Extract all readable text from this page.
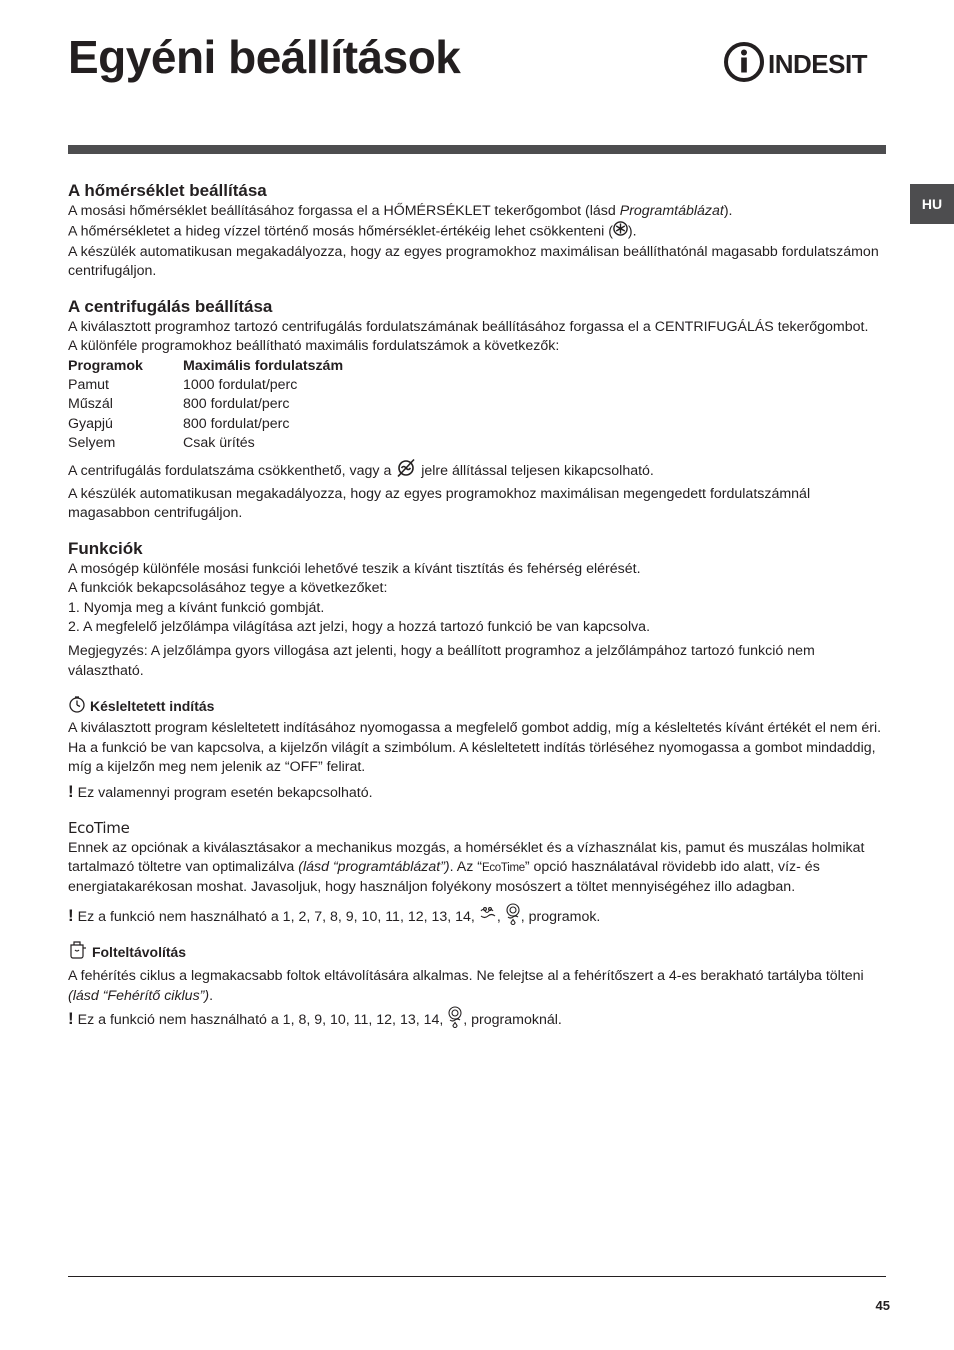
Egyéni beállítások	INDESIT
HU
A hőmérséklet beállítása

A mosási hőmérséklet beállításához forgassa el a HŐMÉRSÉKLET tekerőgombot (lásd Programtáblázat).

A hőmérsékletet a hideg vízzel történő mosás hőmérséklet-értékéig lehet csökkenteni ( ).

A készülék automatikusan megakadályozza, hogy az egyes programokhoz maximálisan beállíthatónál magasabb fordulatszámon centrifugáljon.

A centrifugálás beállítása

A kiválasztott programhoz tartozó centrifugálás fordulatszámának beállításához forgassa el a CENTRIFUGÁLÁS tekerőgombot.

A különféle programokhoz beállítható maximális fordulatszámok a következők:

Programok	Maximális fordulatszám
Pamut	1000 fordulat/perc
Műszál	800 fordulat/perc
Gyapjú	800 fordulat/perc
Selyem	Csak ürítés

A centrifugálás fordulatszáma csökkenthető, vagy a  jelre állítással teljesen kikapcsolható.

A készülék automatikusan megakadályozza, hogy az egyes programokhoz maximálisan megengedett fordulatszámnál magasabbon centrifugáljon.

Funkciók

A mosógép különféle mosási funkciói lehetővé teszik a kívánt tisztítás és fehérség elérését.

A funkciók bekapcsolásához tegye a következőket:

1. Nyomja meg a kívánt funkció gombját.

2. A megfelelő jelzőlámpa világítása azt jelzi, hogy a hozzá tartozó funkció be van kapcsolva.

Megjegyzés: A jelzőlámpa gyors villogása azt jelenti, hogy a beállított programhoz a jelzőlámpához tartozó funkció nem választható.

Késleltetett indítás

A kiválasztott program késleltetett indításához nyomogassa a megfelelő gombot addig, míg a késleltetés kívánt értékét el nem éri. Ha a funkció be van kapcsolva, a kijelzőn világít a szimbólum. A késleltetett indítás törléséhez nyomogassa a gombot mindaddig, míg a kijelzőn meg nem jelenik az “OFF” felirat.

! Ez valamennyi program esetén bekapcsolható.

EcoTime

Ennek az opciónak a kiválasztásakor a mechanikus mozgás, a homérséklet és a vízhasználat kis, pamut és muszálas holmikat tartalmazó töltetre van optimalizálva (lásd “programtáblázat”). Az “EcoTime” opció használatával rövidebb ido alatt, víz- és energiatakarékosan moshat. Javasoljuk, hogy használjon folyékony mosószert a töltet mennyiségéhez illo adagban.

! Ez a funkció nem használható a 1, 2, 7, 8, 9, 10, 11, 12, 13, 14, , , programok.

Folteltávolítás

A fehérítés ciklus a legmakacsabb foltok eltávolítására alkalmas. Ne felejtse al a fehérítőszert a 4-es berakható tartályba tölteni (lásd “Fehérítő ciklus”).

! Ez a funkció nem használható a 1, 8, 9, 10, 11, 12, 13, 14, , programoknál.

45
